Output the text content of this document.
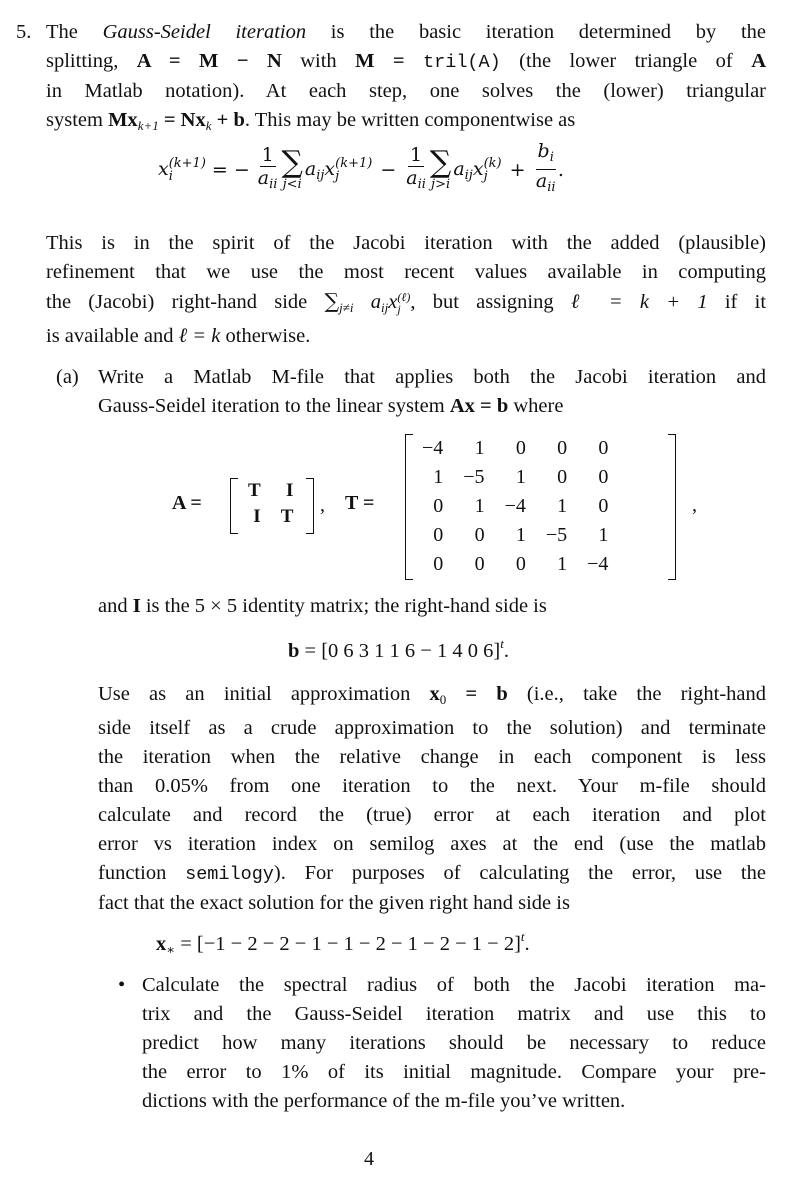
5. The Gauss-Seidel iteration is the basic iteration determined by the
splitting, A = M − N with M = tril(A) (the lower triangle of A
in Matlab notation). At each step, one solves the (lower) triangular
system $Mx_{k+1} = Nx_k + b$. This may be written componentwise as
x (k+1)
i	= − $\frac{1}{a_{ii}}$ ∑
j<i
$a_{ij}x$ (k+1)
j	− $\frac{1}{a_{ii}}$ ∑
j>i
$a_{ij}x$ (k)
j	+ $\frac{b_i}{a_{ii}}$ .
This is in the spirit of the Jacobi iteration with the added (plausible)
refinement that we use the most recent values available in computing
the (Jacobi) right-hand side $\sum_{j\ne i}$ $a_{ij}x$ (ℓ)
j , but assigning ℓ = k + 1 if it
is available and ℓ = k otherwise.
(a) Write a Matlab M-file that applies both the Jacobi iteration and
Gauss-Seidel iteration to the linear system Ax = b where
A =
T	I
I	T
, T =
−4	1	0	0	0
1	−5	1	0	0
0	1	−4	1	0
0	0	1	−5	1
0	0	0	1	−4
,
and I is the 5 × 5 identity matrix; the right-hand side is
b = [0 6 3 1 1 6 − 1 4 0 6]$^t$.
Use as an initial approximation $x_0 = b$ (i.e., take the right-hand
side itself as a crude approximation to the solution) and terminate
the iteration when the relative change in each component is less
than 0.05% from one iteration to the next. Your m-file should
calculate and record the (true) error at each iteration and plot
error vs iteration index on semilog axes at the end (use the matlab
function semilogy). For purposes of calculating the error, use the
fact that the exact solution for the given right hand side is
$x_∗ = [-1 - 2 - 2 - 1 - 1 - 2 - 1 - 2 - 1 - 2]^t$.
• Calculate the spectral radius of both the Jacobi iteration ma-
trix and the Gauss-Seidel iteration matrix and use this to
predict how many iterations should be necessary to reduce
the error to 1% of its initial magnitude. Compare your pre-
dictions with the performance of the m-file you’ve written.
4
